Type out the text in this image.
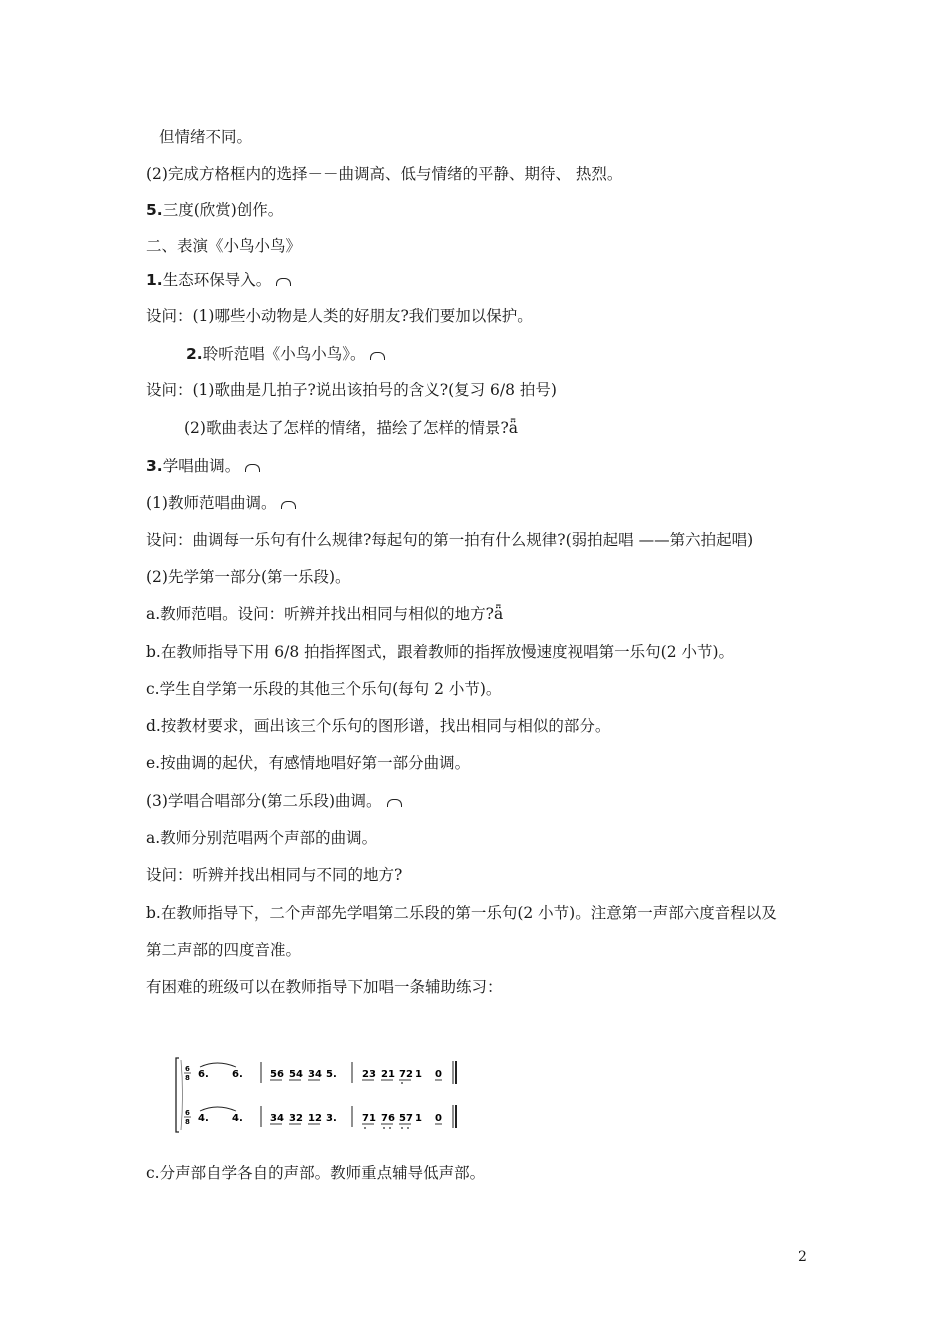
但情绪不同。
(2)完成方格框内的选择－－曲调高、低与情绪的平静、期待、 热烈。
5.三度(欣赏)创作。
二、表演《小鸟小鸟》
1.生态环保导入。
设问：(1)哪些小动物是人类的好朋友?我们要加以保护。
2.聆听范唱《小鸟小鸟》。
设问：(1)歌曲是几拍子?说出该拍号的含义?(复习 6/8 拍号)
(2)歌曲表达了怎样的情绪，描绘了怎样的情景?ǟ
3.学唱曲调。
(1)教师范唱曲调。
设问：曲调每一乐句有什么规律?每起句的第一拍有什么规律?(弱拍起唱 ——第六拍起唱)
(2)先学第一部分(第一乐段)。
a.教师范唱。设问：听辨并找出相同与相似的地方?ǟ
b.在教师指导下用 6/8 拍指挥图式，跟着教师的指挥放慢速度视唱第一乐句(2 小节)。
c.学生自学第一乐段的其他三个乐句(每句 2 小节)。
d.按教材要求，画出该三个乐句的图形谱，找出相同与相似的部分。
e.按曲调的起伏，有感情地唱好第一部分曲调。
(3)学唱合唱部分(第二乐段)曲调。
a.教师分别范唱两个声部的曲调。
设问：听辨并找出相同与不同的地方?
b.在教师指导下，二个声部先学唱第二乐段的第一乐句(2 小节)。注意第一声部六度音程以及
第二声部的四度音准。
有困难的班级可以在教师指导下加唱一条辅助练习：
6
8
6
8
6. 6.	56 54 34 5.	23 21 72 1 0
4. 4.	34 32 12 3.	71 76 57 1 0
c.分声部自学各自的声部。教师重点辅导低声部。
2
